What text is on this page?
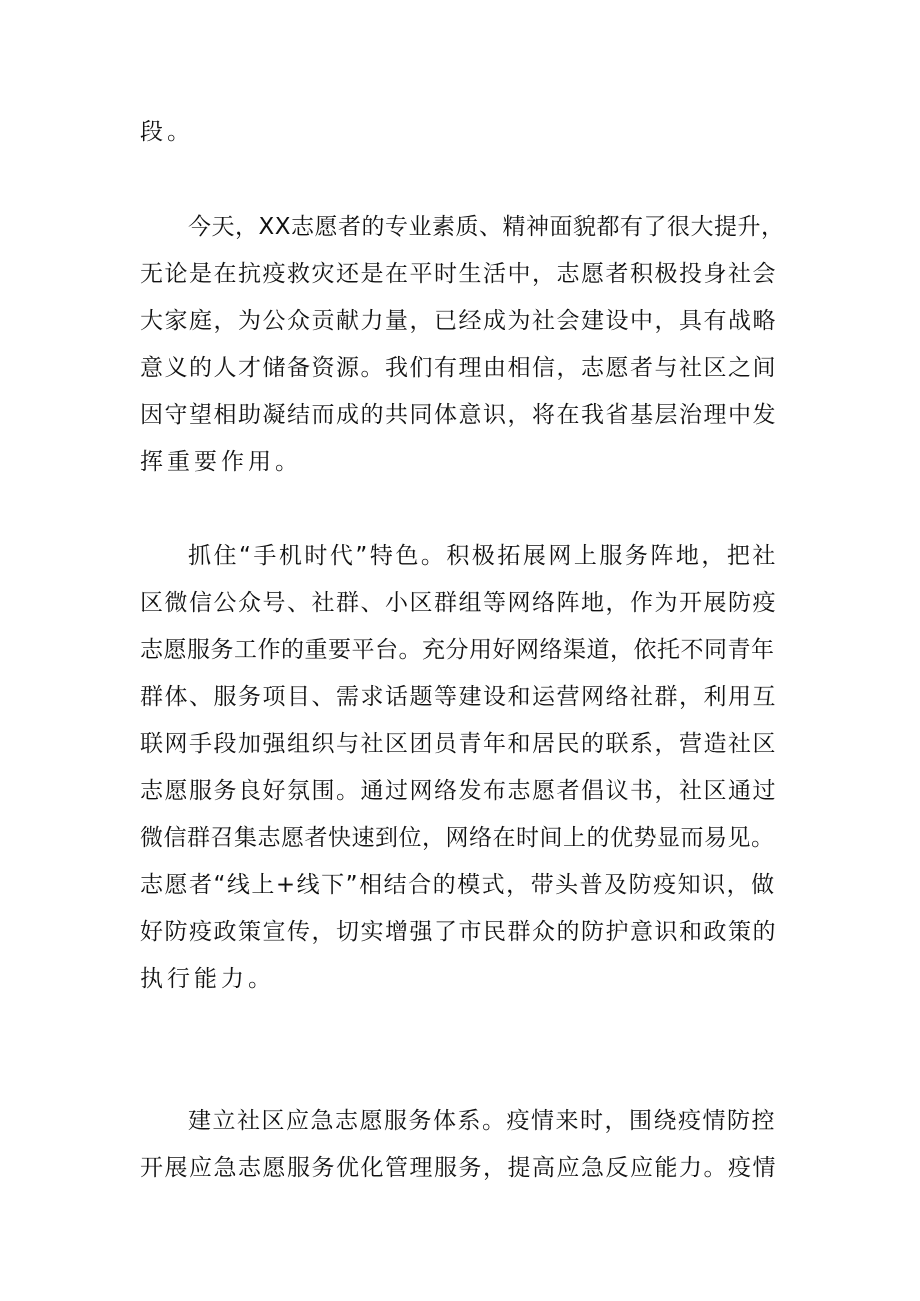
段。
今天，XX志愿者的专业素质、精神面貌都有了很大提升，
无论是在抗疫救灾还是在平时生活中，志愿者积极投身社会
大家庭，为公众贡献力量，已经成为社会建设中，具有战略
意义的人才储备资源。我们有理由相信，志愿者与社区之间
因守望相助凝结而成的共同体意识，将在我省基层治理中发
挥重要作用。
抓住“手机时代”特色。积极拓展网上服务阵地，把社
区微信公众号、社群、小区群组等网络阵地，作为开展防疫
志愿服务工作的重要平台。充分用好网络渠道，依托不同青年
群体、服务项目、需求话题等建设和运营网络社群，利用互
联网手段加强组织与社区团员青年和居民的联系，营造社区
志愿服务良好氛围。通过网络发布志愿者倡议书，社区通过
微信群召集志愿者快速到位，网络在时间上的优势显而易见。
志愿者“线上+线下”相结合的模式，带头普及防疫知识，做
好防疫政策宣传，切实增强了市民群众的防护意识和政策的
执行能力。
建立社区应急志愿服务体系。疫情来时，围绕疫情防控
开展应急志愿服务优化管理服务，提高应急反应能力。疫情
